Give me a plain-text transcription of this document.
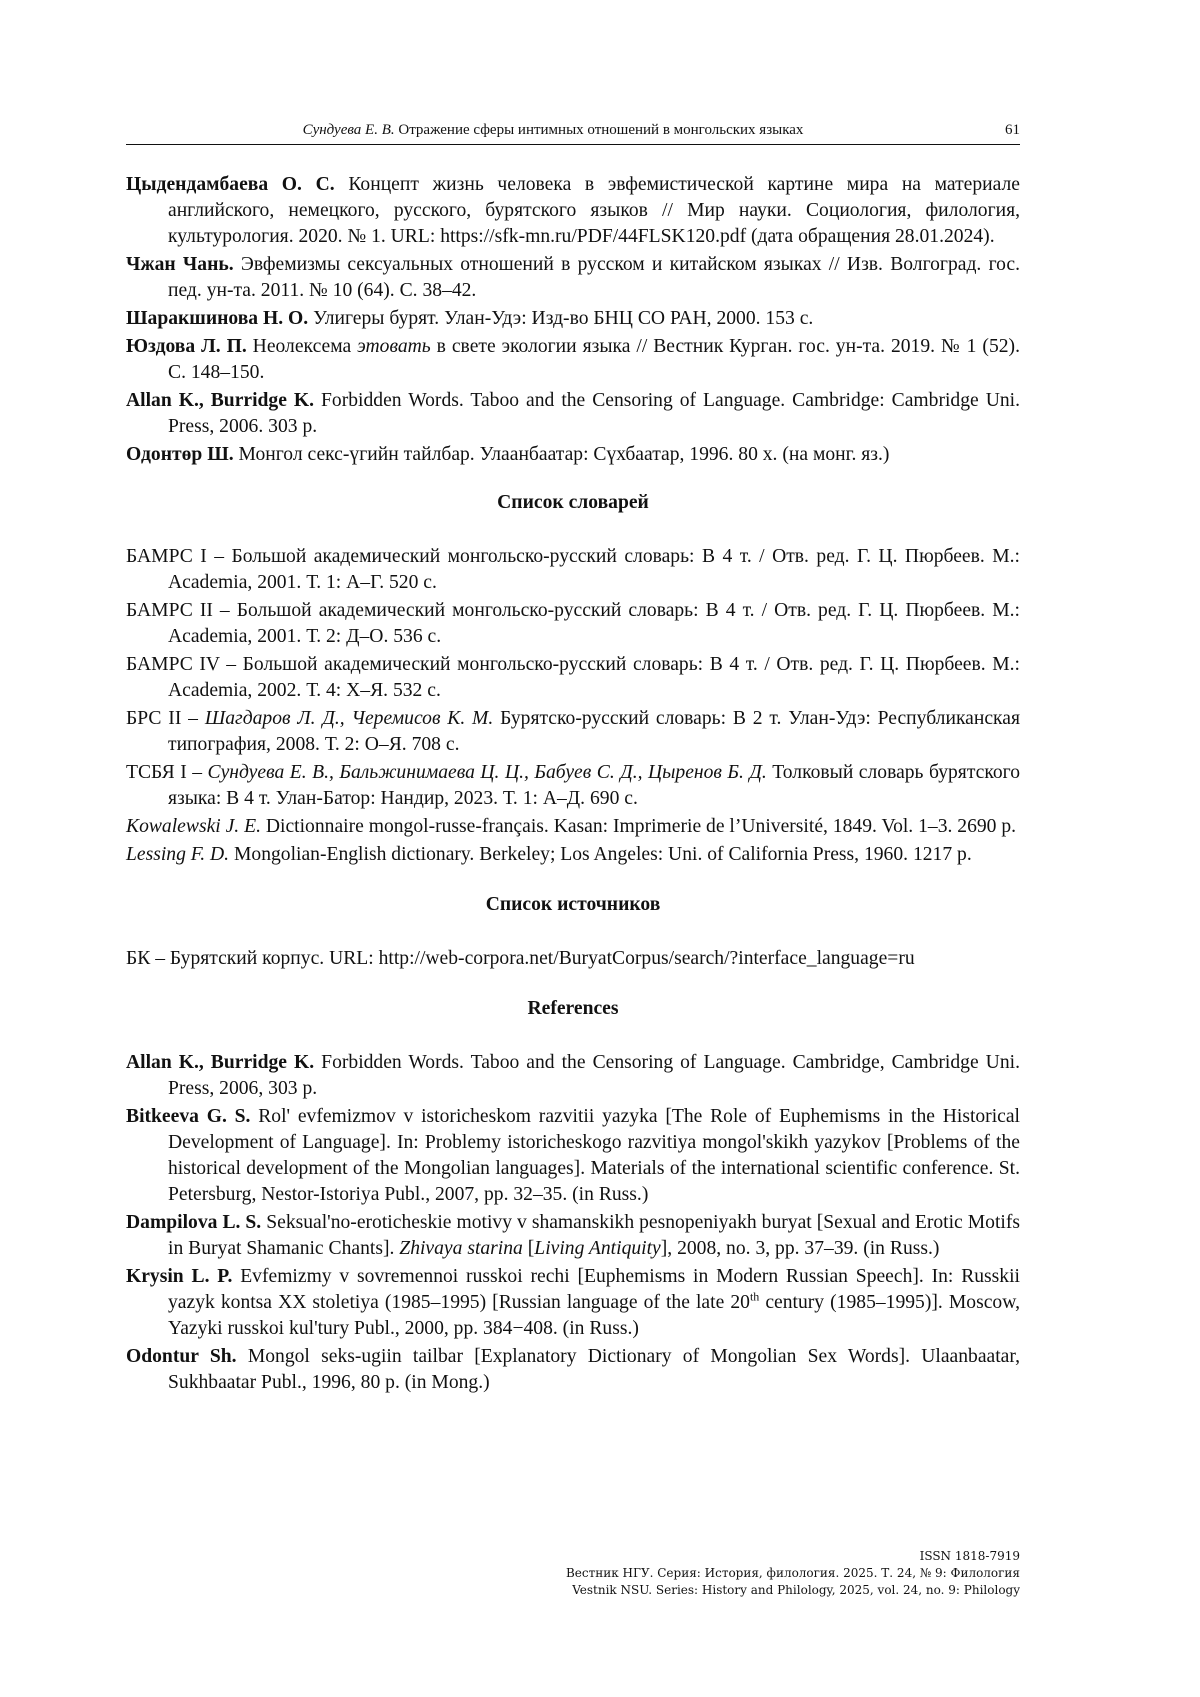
Сундуева Е. В. Отражение сферы интимных отношений в монгольских языках	61

Цыдендамбаева О. С. Концепт жизнь человека в эвфемистической картине мира на материале английского, немецкого, русского, бурятского языков // Мир науки. Социология, филология, культурология. 2020. № 1. URL: https://sfk-mn.ru/PDF/44FLSK120.pdf (дата обращения 28.01.2024).

Чжан Чань. Эвфемизмы сексуальных отношений в русском и китайском языках // Изв. Волгоград. гос. пед. ун-та. 2011. № 10 (64). С. 38–42.

Шаракшинова Н. О. Улигеры бурят. Улан-Удэ: Изд-во БНЦ СО РАН, 2000. 153 с.

Юздова Л. П. Неолексема этовать в свете экологии языка // Вестник Курган. гос. ун-та. 2019. № 1 (52). С. 148–150.

Allan K., Burridge K. Forbidden Words. Taboo and the Censoring of Language. Cambridge: Cambridge Uni. Press, 2006. 303 p.

Одонтөр Ш. Монгол секс-үгийн тайлбар. Улаанбаатар: Сүхбаатар, 1996. 80 х. (на монг. яз.)

Список словарей

БАМРС I – Большой академический монгольско-русский словарь: В 4 т. / Отв. ред. Г. Ц. Пюрбеев. М.: Academia, 2001. Т. 1: А–Г. 520 с.

БАМРС II – Большой академический монгольско-русский словарь: В 4 т. / Отв. ред. Г. Ц. Пюрбеев. М.: Academia, 2001. Т. 2: Д–О. 536 с.

БАМРС IV – Большой академический монгольско-русский словарь: В 4 т. / Отв. ред. Г. Ц. Пюрбеев. М.: Academia, 2002. Т. 4: Х–Я. 532 с.

БРС II – Шагдаров Л. Д., Черемисов К. М. Бурятско-русский словарь: В 2 т. Улан-Удэ: Республиканская типография, 2008. Т. 2: О–Я. 708 с.

ТСБЯ I – Сундуева Е. В., Бальжинимаева Ц. Ц., Бабуев С. Д., Цыренов Б. Д. Толковый словарь бурятского языка: В 4 т. Улан-Батор: Нандир, 2023. Т. 1: А–Д. 690 с.

Kowalewski J. E. Dictionnaire mongol-russe-français. Kasan: Imprimerie de l’Université, 1849. Vol. 1–3. 2690 p.

Lessing F. D. Mongolian-English dictionary. Berkeley; Los Angeles: Uni. of California Press, 1960. 1217 p.

Список источников

БК – Бурятский корпус. URL: http://web-corpora.net/BuryatCorpus/search/?interface_language=ru

References

Allan K., Burridge K. Forbidden Words. Taboo and the Censoring of Language. Cambridge, Cambridge Uni. Press, 2006, 303 p.

Bitkeeva G. S. Rol' evfemizmov v istoricheskom razvitii yazyka [The Role of Euphemisms in the Historical Development of Language]. In: Problemy istoricheskogo razvitiya mongol'skikh yazykov [Problems of the historical development of the Mongolian languages]. Materials of the international scientific conference. St. Petersburg, Nestor-Istoriya Publ., 2007, pp. 32–35. (in Russ.)

Dampilova L. S. Seksual'no-eroticheskie motivy v shamanskikh pesnopeniyakh buryat [Sexual and Erotic Motifs in Buryat Shamanic Chants]. Zhivaya starina [Living Antiquity], 2008, no. 3, pp. 37–39. (in Russ.)

Krysin L. P. Evfemizmy v sovremennoi russkoi rechi [Euphemisms in Modern Russian Speech]. In: Russkii yazyk kontsa XX stoletiya (1985–1995) [Russian language of the late 20th century (1985–1995)]. Moscow, Yazyki russkoi kul'tury Publ., 2000, pp. 384−408. (in Russ.)

Odontur Sh. Mongol seks-ugiin tailbar [Explanatory Dictionary of Mongolian Sex Words]. Ulaanbaatar, Sukhbaatar Publ., 1996, 80 p. (in Mong.)

ISSN 1818-7919
Вестник НГУ. Серия: История, филология. 2025. Т. 24, № 9: Филология
Vestnik NSU. Series: History and Philology, 2025, vol. 24, no. 9: Philology
